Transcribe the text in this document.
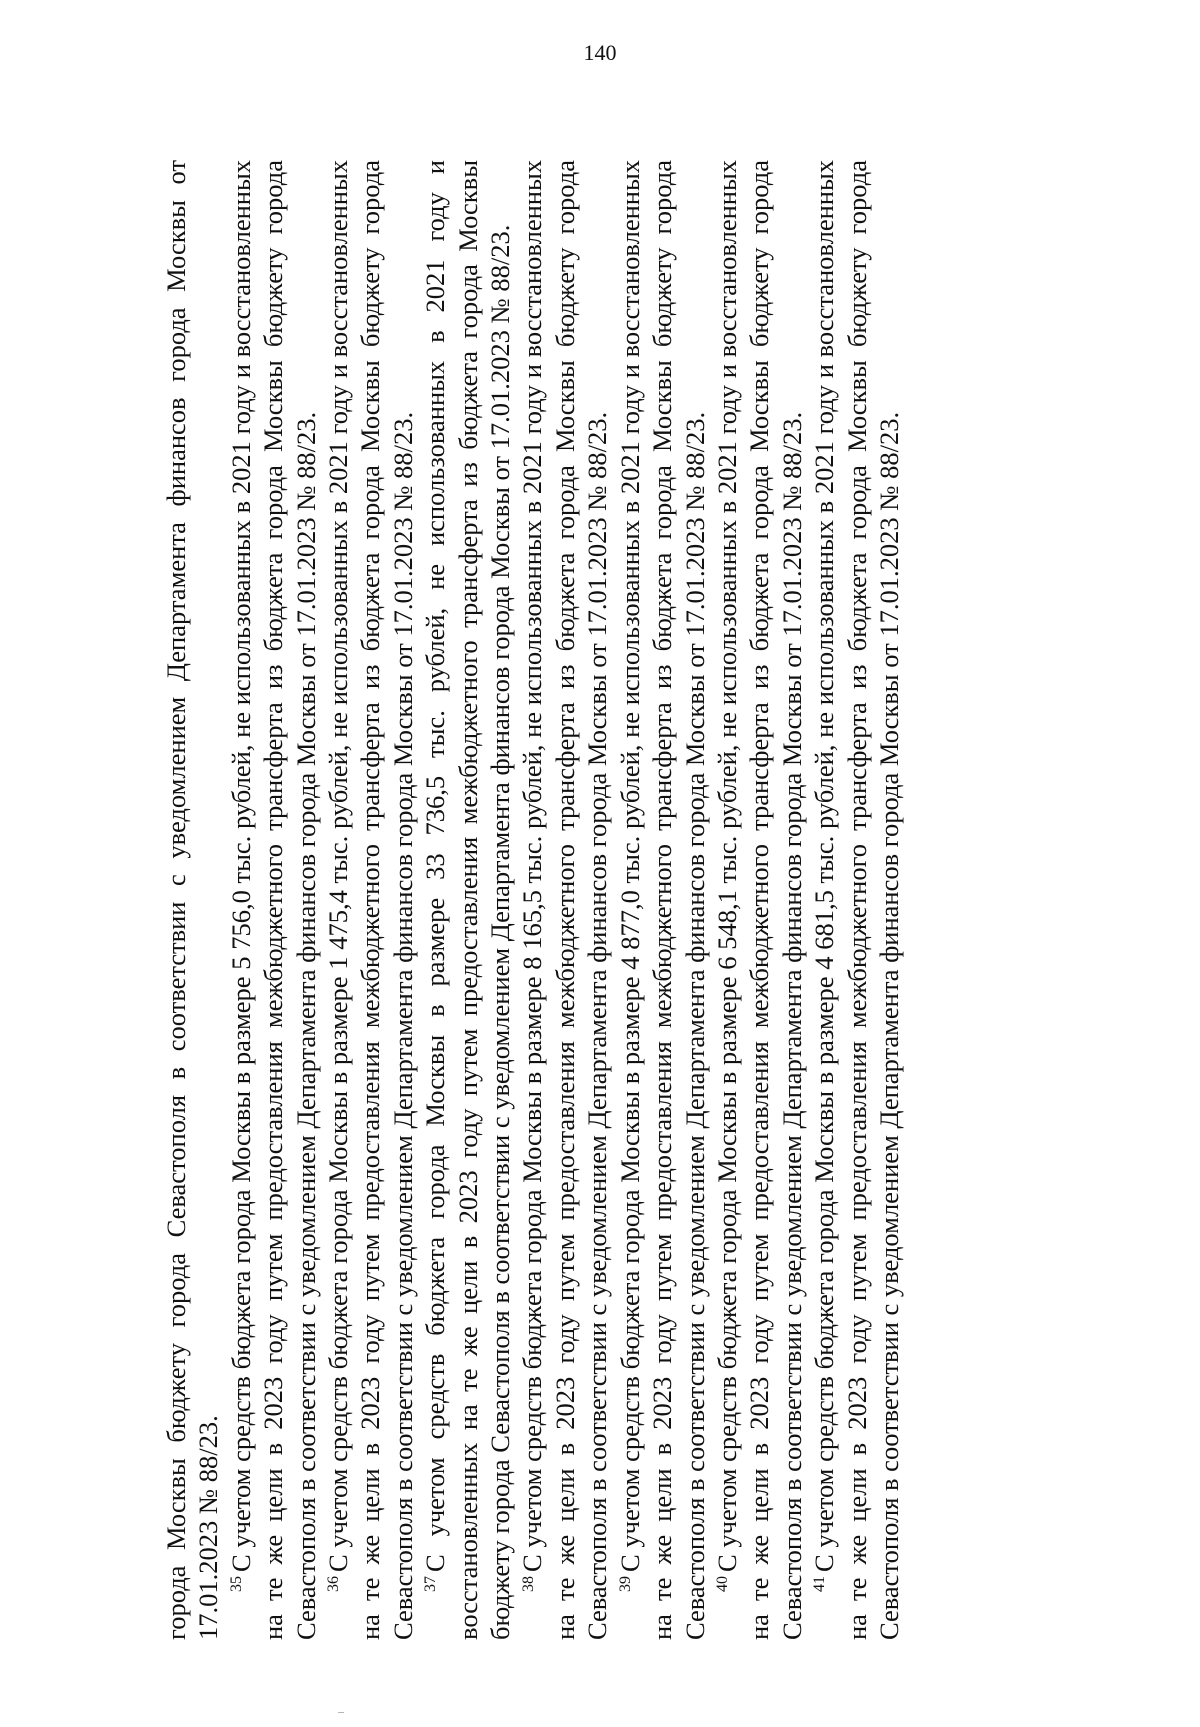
140

города Москвы бюджету города Севастополя в соответствии с уведомлением Департамента финансов города Москвы от 17.01.2023 № 88/23. $^{35}$С учетом средств бюджета города Москвы в размере 5 756,0 тыс. рублей, не использованных в 2021 году и восстановленных на те же цели в 2023 году путем предоставления межбюджетного трансферта из бюджета города Москвы бюджету города Севастополя в соответствии с уведомлением Департамента финансов города Москвы от 17.01.2023 № 88/23. $^{36}$С учетом средств бюджета города Москвы в размере 1 475,4 тыс. рублей, не использованных в 2021 году и восстановленных на те же цели в 2023 году путем предоставления межбюджетного трансферта из бюджета города Москвы бюджету города Севастополя в соответствии с уведомлением Департамента финансов города Москвы от 17.01.2023 № 88/23. $^{37}$С учетом средств бюджета города Москвы в размере 33 736,5 тыс. рублей, не использованных в 2021 году и восстановленных на те же цели в 2023 году путем предоставления межбюджетного трансферта из бюджета города Москвы бюджету города Севастополя в соответствии с уведомлением Департамента финансов города Москвы от 17.01.2023 № 88/23. $^{38}$С учетом средств бюджета города Москвы в размере 8 165,5 тыс. рублей, не использованных в 2021 году и восстановленных на те же цели в 2023 году путем предоставления межбюджетного трансферта из бюджета города Москвы бюджету города Севастополя в соответствии с уведомлением Департамента финансов города Москвы от 17.01.2023 № 88/23. $^{39}$С учетом средств бюджета города Москвы в размере 4 877,0 тыс. рублей, не использованных в 2021 году и восстановленных на те же цели в 2023 году путем предоставления межбюджетного трансферта из бюджета города Москвы бюджету города Севастополя в соответствии с уведомлением Департамента финансов города Москвы от 17.01.2023 № 88/23. $^{40}$С учетом средств бюджета города Москвы в размере 6 548,1 тыс. рублей, не использованных в 2021 году и восстановленных на те же цели в 2023 году путем предоставления межбюджетного трансферта из бюджета города Москвы бюджету города Севастополя в соответствии с уведомлением Департамента финансов города Москвы от 17.01.2023 № 88/23. $^{41}$С учетом средств бюджета города Москвы в размере 4 681,5 тыс. рублей, не использованных в 2021 году и восстановленных на те же цели в 2023 году путем предоставления межбюджетного трансферта из бюджета города Москвы бюджету города Севастополя в соответствии с уведомлением Департамента финансов города Москвы от 17.01.2023 № 88/23.
